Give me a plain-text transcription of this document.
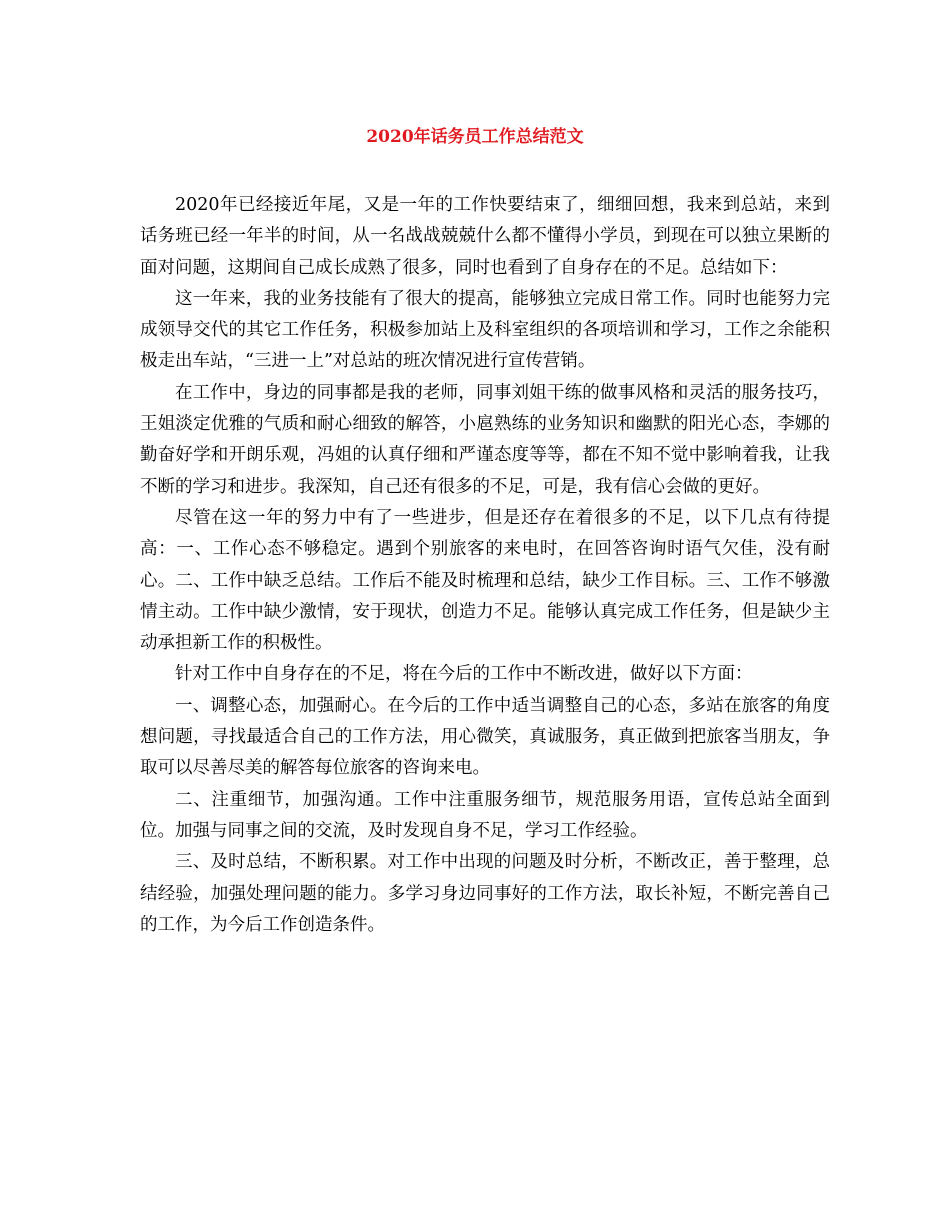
2020年话务员工作总结范文

2020年已经接近年尾，又是一年的工作快要结束了，细细回想，我来到总站，来到话务班已经一年半的时间，从一名战战兢兢什么都不懂得小学员，到现在可以独立果断的面对问题，这期间自己成长成熟了很多，同时也看到了自身存在的不足。总结如下：

这一年来，我的业务技能有了很大的提高，能够独立完成日常工作。同时也能努力完成领导交代的其它工作任务，积极参加站上及科室组织的各项培训和学习，工作之余能积极走出车站，“三进一上”对总站的班次情况进行宣传营销。

在工作中，身边的同事都是我的老师，同事刘姐干练的做事风格和灵活的服务技巧，王姐淡定优雅的气质和耐心细致的解答，小扈熟练的业务知识和幽默的阳光心态，李娜的勤奋好学和开朗乐观，冯姐的认真仔细和严谨态度等等，都在不知不觉中影响着我，让我不断的学习和进步。我深知，自己还有很多的不足，可是，我有信心会做的更好。

尽管在这一年的努力中有了一些进步，但是还存在着很多的不足，以下几点有待提高：一、工作心态不够稳定。遇到个别旅客的来电时，在回答咨询时语气欠佳，没有耐心。二、工作中缺乏总结。工作后不能及时梳理和总结，缺少工作目标。三、工作不够激情主动。工作中缺少激情，安于现状，创造力不足。能够认真完成工作任务，但是缺少主动承担新工作的积极性。

针对工作中自身存在的不足，将在今后的工作中不断改进，做好以下方面：

一、调整心态，加强耐心。在今后的工作中适当调整自己的心态，多站在旅客的角度想问题，寻找最适合自己的工作方法，用心微笑，真诚服务，真正做到把旅客当朋友，争取可以尽善尽美的解答每位旅客的咨询来电。

二、注重细节，加强沟通。工作中注重服务细节，规范服务用语，宣传总站全面到位。加强与同事之间的交流，及时发现自身不足，学习工作经验。

三、及时总结，不断积累。对工作中出现的问题及时分析，不断改正，善于整理，总结经验，加强处理问题的能力。多学习身边同事好的工作方法，取长补短，不断完善自己的工作，为今后工作创造条件。
